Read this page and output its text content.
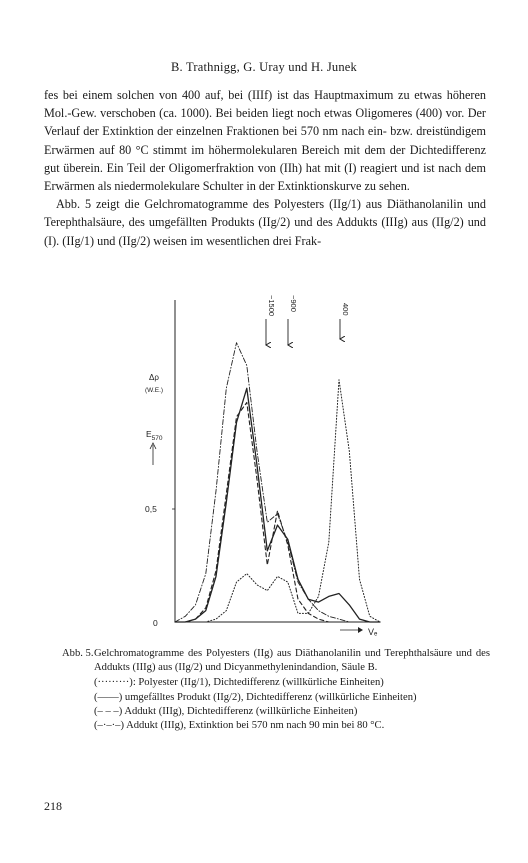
B. Trathnigg, G. Uray und H. Junek

fes bei einem solchen von 400 auf, bei (IIIf) ist das Hauptmaximum zu etwas höheren Mol.-Gew. verschoben (ca. 1000). Bei beiden liegt noch etwas Oligomeres (400) vor. Der Verlauf der Extinktion der einzelnen Fraktionen bei 570 nm nach ein- bzw. dreistündigem Erwärmen auf 80 °C stimmt im höhermolekularen Bereich mit dem der Dichtedifferenz gut überein. Ein Teil der Oligomerfraktion von (IIh) hat mit (I) reagiert und ist nach dem Erwärmen als niedermolekulare Schulter in der Extinktionskurve zu sehen.

Abb. 5 zeigt die Gelchromatogramme des Polyesters (IIg/1) aus Diäthanolanilin und Terephthalsäure, des umgefällten Produkts (IIg/2) und des Addukts (IIIg) aus (IIg/2) und (I). (IIg/1) und (IIg/2) weisen im wesentlichen drei Frak-

~1500 ~900	400
0
0,5
Δρ
(W.E.)
$E_{570}$
Vₑ
Abb. 5. Gelchromatogramme des Polyesters (IIg) aus Diäthanolanilin und Terephthalsäure und des Addukts (IIIg) aus (IIg/2) und Dicyanmethylenindandion, Säule B.
(·········): Polyester (IIg/1), Dichtedifferenz (willkürliche Einheiten)
(——) umgefälltes Produkt (IIg/2), Dichtedifferenz (willkürliche Einheiten)
(– – –) Addukt (IIIg), Dichtedifferenz (willkürliche Einheiten)
(–·–·–) Addukt (IIIg), Extinktion bei 570 nm nach 90 min bei 80 °C.
218
